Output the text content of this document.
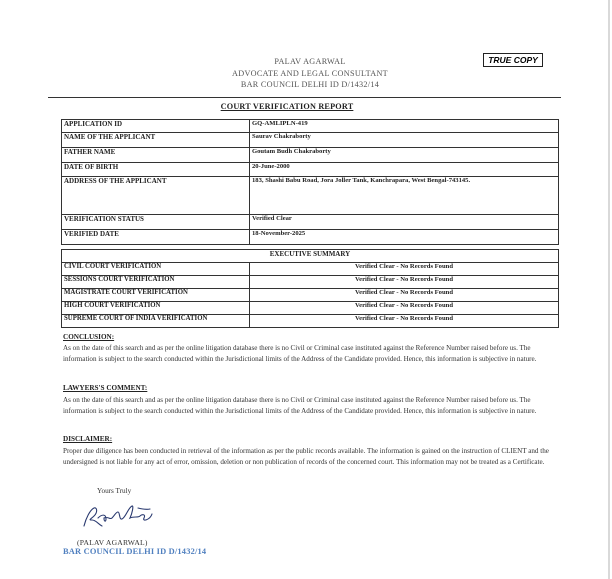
TRUE COPY
PALAV AGARWAL
ADVOCATE AND LEGAL CONSULTANT
BAR COUNCIL DELHI ID D/1432/14
COURT VERIFICATION REPORT
APPLICATION ID	GQ-AMLIPLN-419
NAME OF THE APPLICANT	Saurav Chakraborty
FATHER NAME	Goutam Budh Chakraborty
DATE OF BIRTH	20-June-2000
ADDRESS OF THE APPLICANT	183, Shashi Babu Road, Jora Joller Tank, Kanchrapara, West Bengal-743145.
VERIFICATION STATUS	Verified Clear
VERIFIED DATE	18-November-2025
EXECUTIVE SUMMARY	
CIVIL COURT VERIFICATION	Verified Clear - No Records Found
SESSIONS COURT VERIFICATION	Verified Clear - No Records Found
MAGISTRATE COURT VERIFICATION	Verified Clear - No Records Found
HIGH COURT VERIFICATION	Verified Clear - No Records Found
SUPREME COURT OF INDIA VERIFICATION	Verified Clear - No Records Found
CONCLUSION:
As on the date of this search and as per the online litigation database there is no Civil or Criminal case instituted against the Reference Number raised before us. The information is subject to the search conducted within the Jurisdictional limits of the Address of the Candidate provided. Hence, this information is subjective in nature.
LAWYERS'S COMMENT:
As on the date of this search and as per the online litigation database there is no Civil or Criminal case instituted against the Reference Number raised before us. The information is subject to the search conducted within the Jurisdictional limits of the Address of the Candidate provided. Hence, this information is subjective in nature.
DISCLAIMER:
Proper due diligence has been conducted in retrieval of the information as per the public records available. The information is gained on the instruction of CLIENT and the undersigned is not liable for any act of error, omission, deletion or non publication of records of the concerned court. This information may not be treated as a Certificate.
Yours Truly
(PALAV AGARWAL)
BAR COUNCIL DELHI ID D/1432/14
